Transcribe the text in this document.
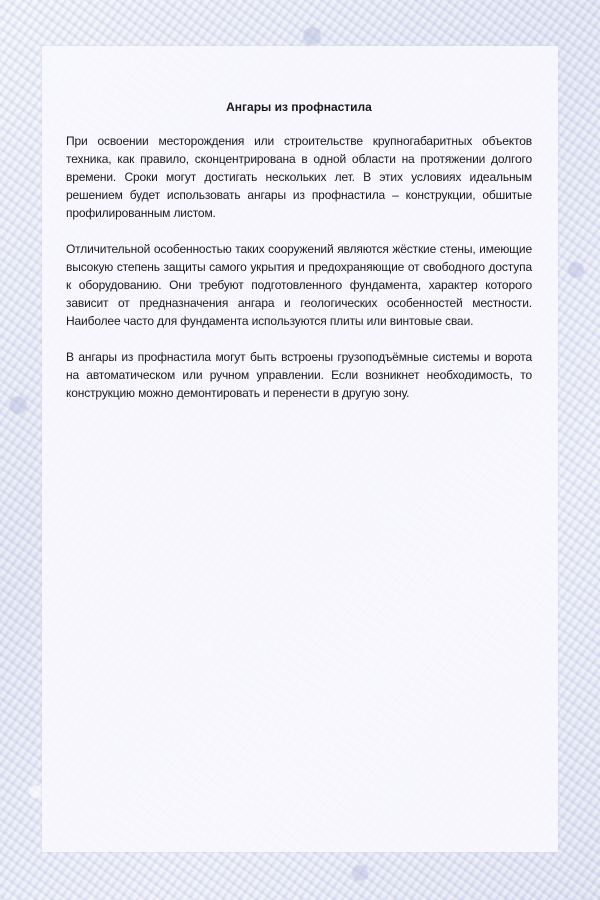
Ангары из профнастила

При освоении месторождения или строительстве крупногабаритных объектов техника, как правило, сконцентрирована в одной области на протяжении долгого времени. Сроки могут достигать нескольких лет. В этих условиях идеальным решением будет использовать ангары из профнастила – конструкции, обшитые профилированным листом.

Отличительной особенностью таких сооружений являются жёсткие стены, имеющие высокую степень защиты самого укрытия и предохраняющие от свободного доступа к оборудованию. Они требуют подготовленного фундамента, характер которого зависит от предназначения ангара и геологических особенностей местности. Наиболее часто для фундамента используются плиты или винтовые сваи.

В ангары из профнастила могут быть встроены грузоподъёмные системы и ворота на автоматическом или ручном управлении. Если возникнет необходимость, то конструкцию можно демонтировать и перенести в другую зону.
